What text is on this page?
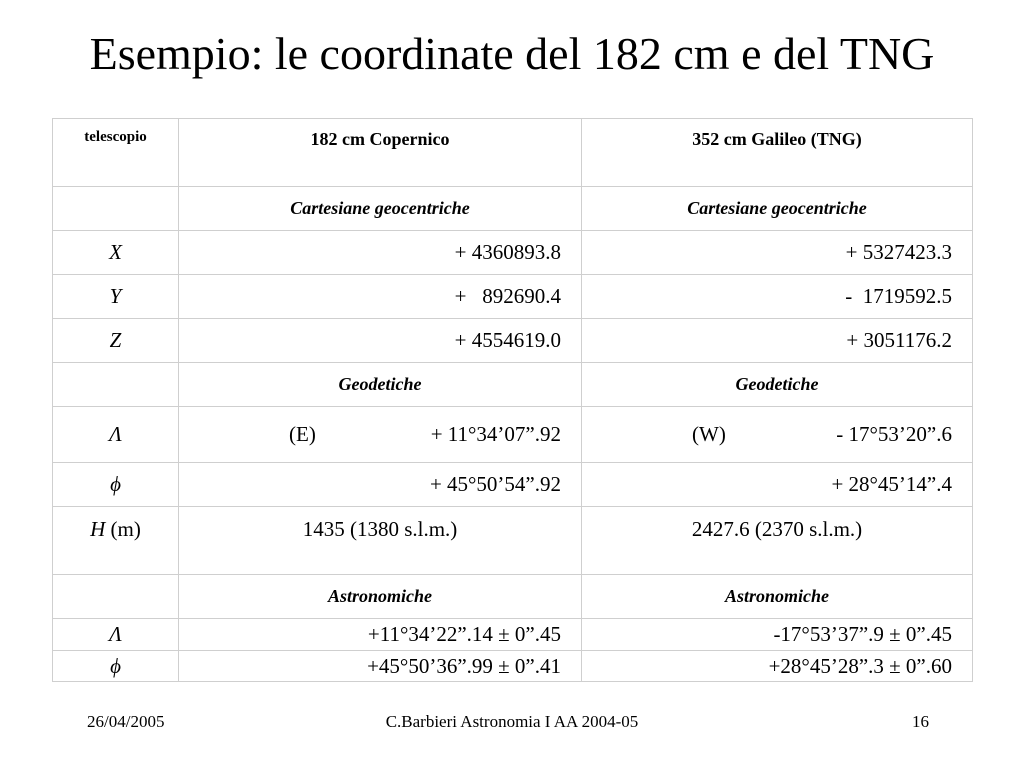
Esempio: le coordinate del 182 cm e del TNG
telescopio	182 cm Copernico	352 cm Galileo (TNG)
	Cartesiane geocentriche	Cartesiane geocentriche
X	+ 4360893.8	+ 5327423.3
Y	+   892690.4	-  1719592.5
Z	+ 4554619.0	+ 3051176.2
	Geodetiche	Geodetiche
Λ	(E) + 11°34’07”.92	(W) - 17°53’20”.6

ϕ	+ 45°50’54”.92	+ 28°45’14”.4
H (m)	1435 (1380 s.l.m.)	2427.6 (2370 s.l.m.)
	Astronomiche	Astronomiche
Λ	+11°34’22”.14 ± 0”.45	-17°53’37”.9 ± 0”.45
ϕ	+45°50’36”.99 ± 0”.41	+28°45’28”.3 ± 0”.60
26/04/2005	C.Barbieri Astronomia I AA 2004-05	16
